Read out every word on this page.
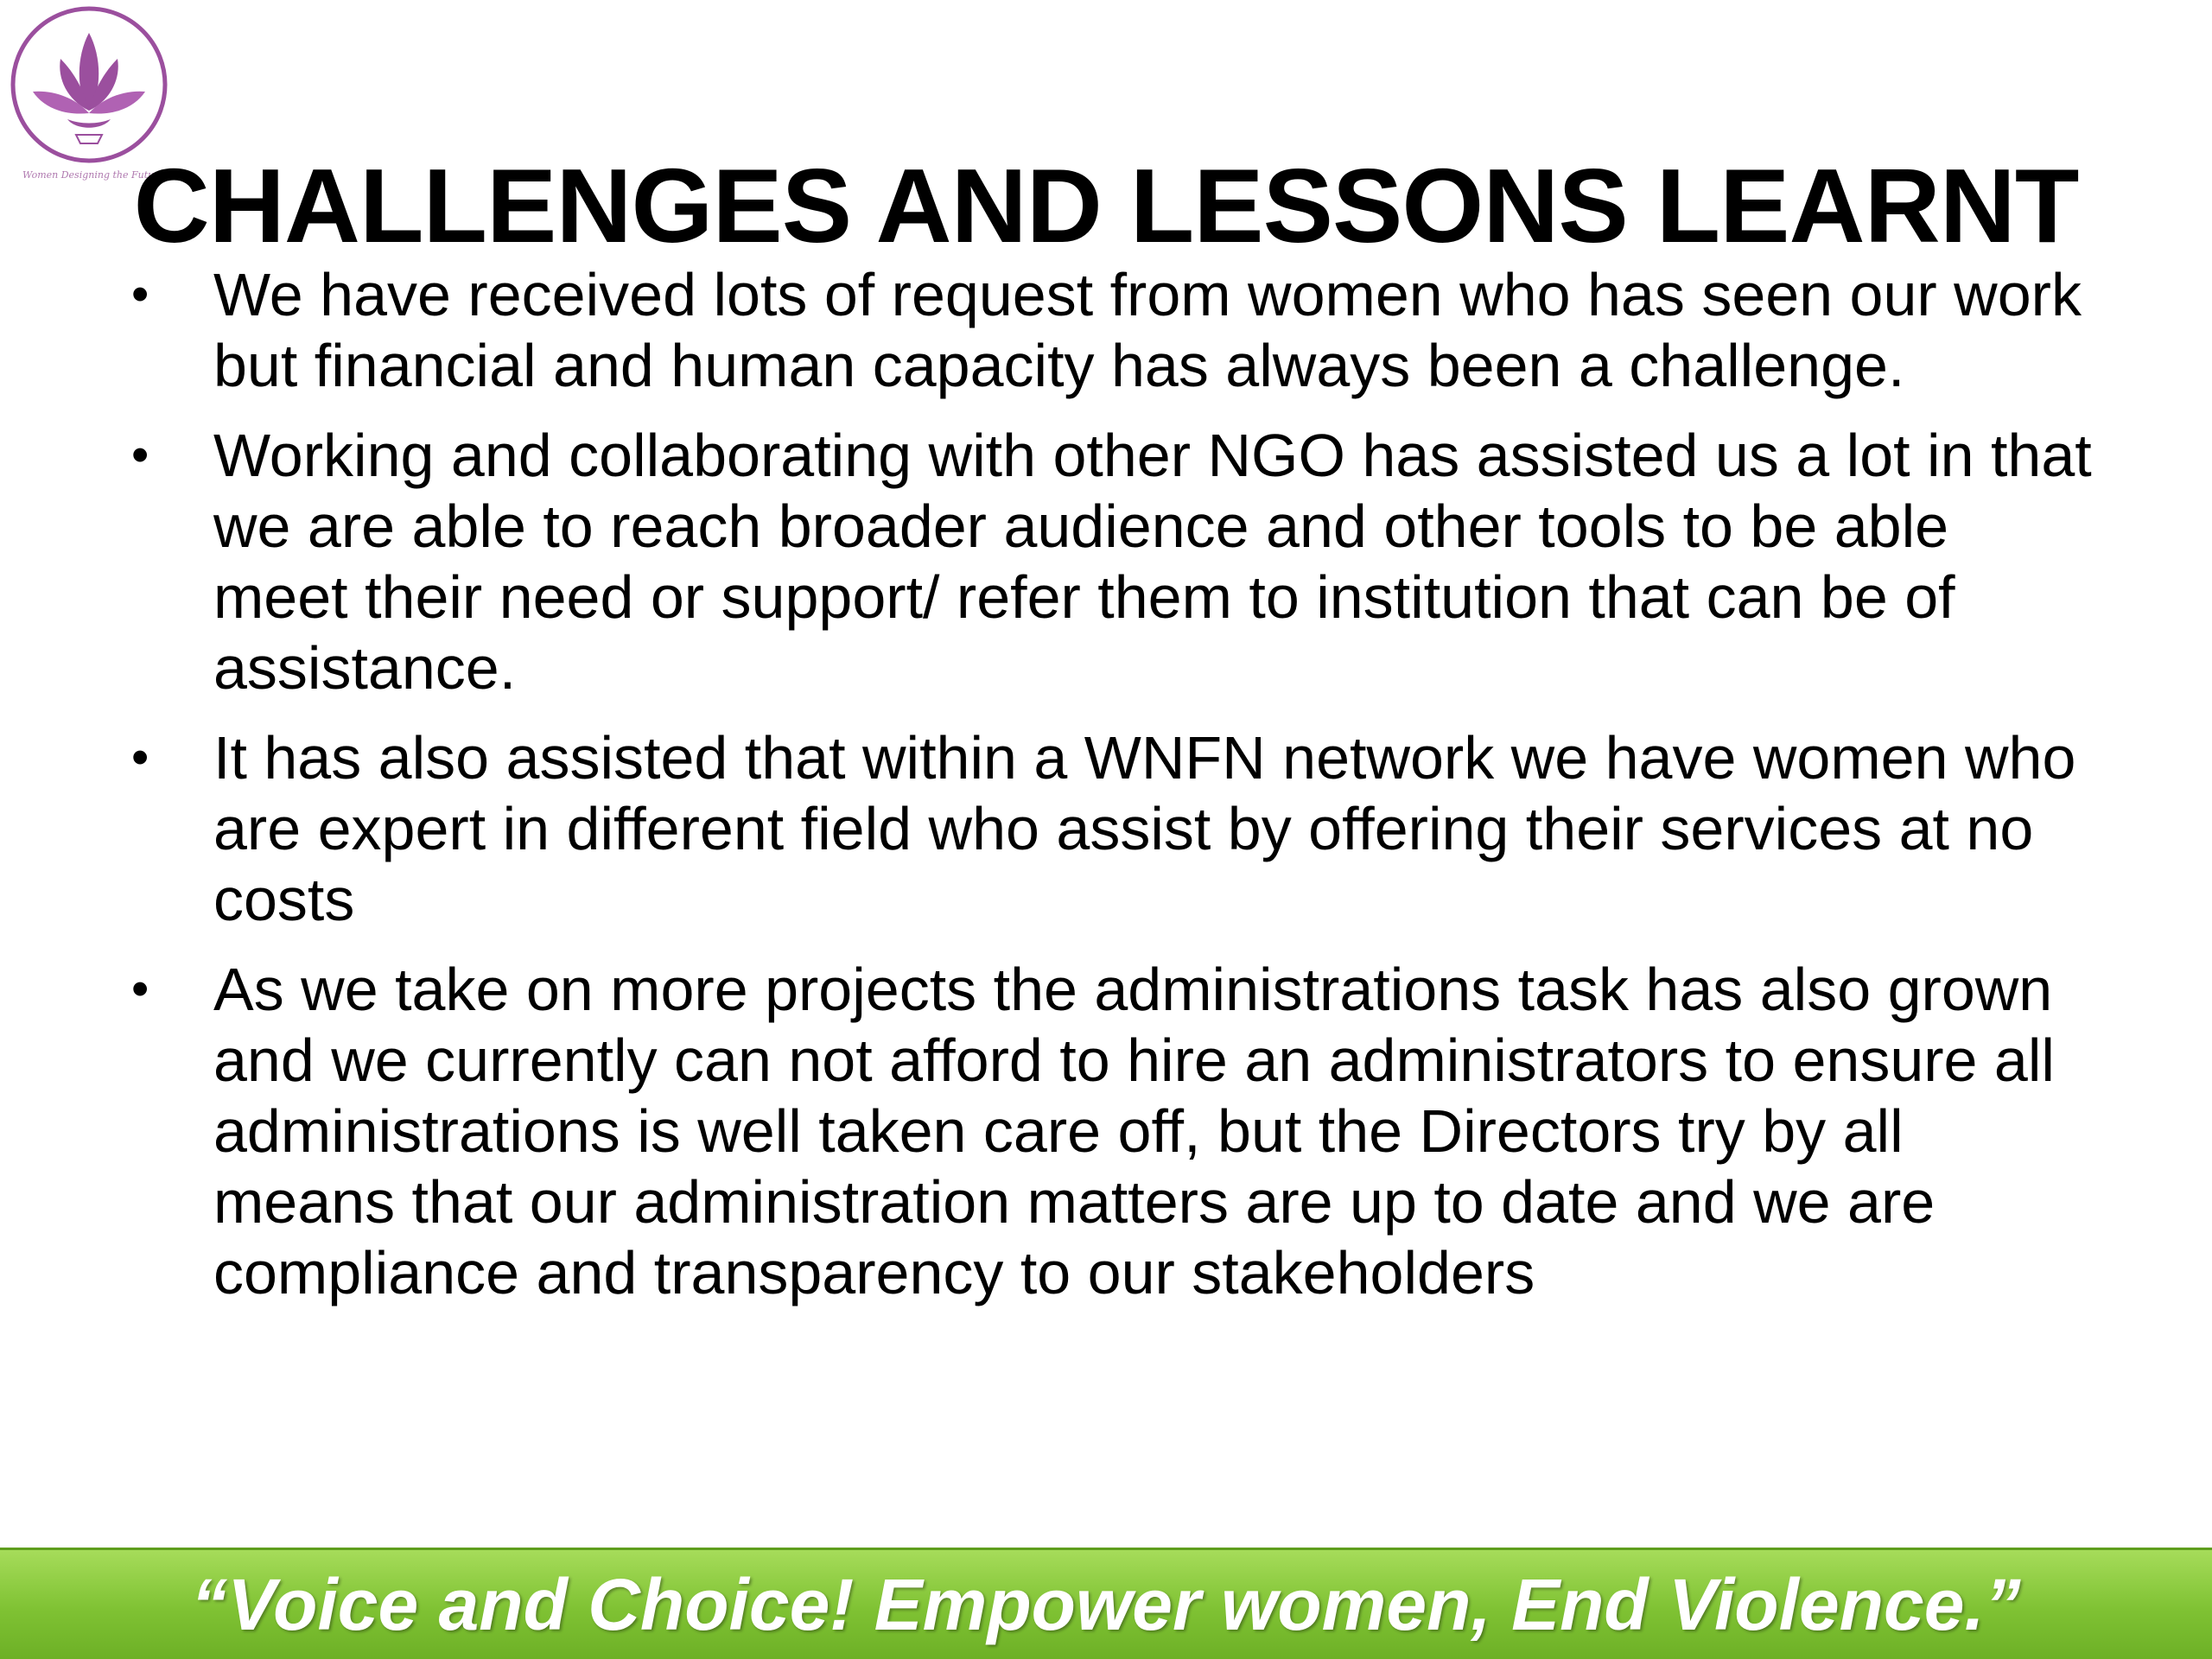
Women Designing the Future
CHALLENGES AND LESSONS LEARNT
• We have received lots of request from women who has seen our work but financial and human capacity has always been a challenge.
• Working and collaborating with other NGO has assisted us a lot in that we are able to reach broader audience and other tools to be able meet their need or support/ refer them to institution that can be of assistance.
• It has also assisted that within a WNFN network we have women who are expert in different field who assist by offering their services at no costs
• As we take on more projects the administrations task has also grown and we currently can not afford to hire an administrators to ensure all administrations is well taken care off, but the Directors try by all means that our administration matters are up to date and we are compliance and transparency to our stakeholders
“Voice and Choice! Empower women, End Violence.”
